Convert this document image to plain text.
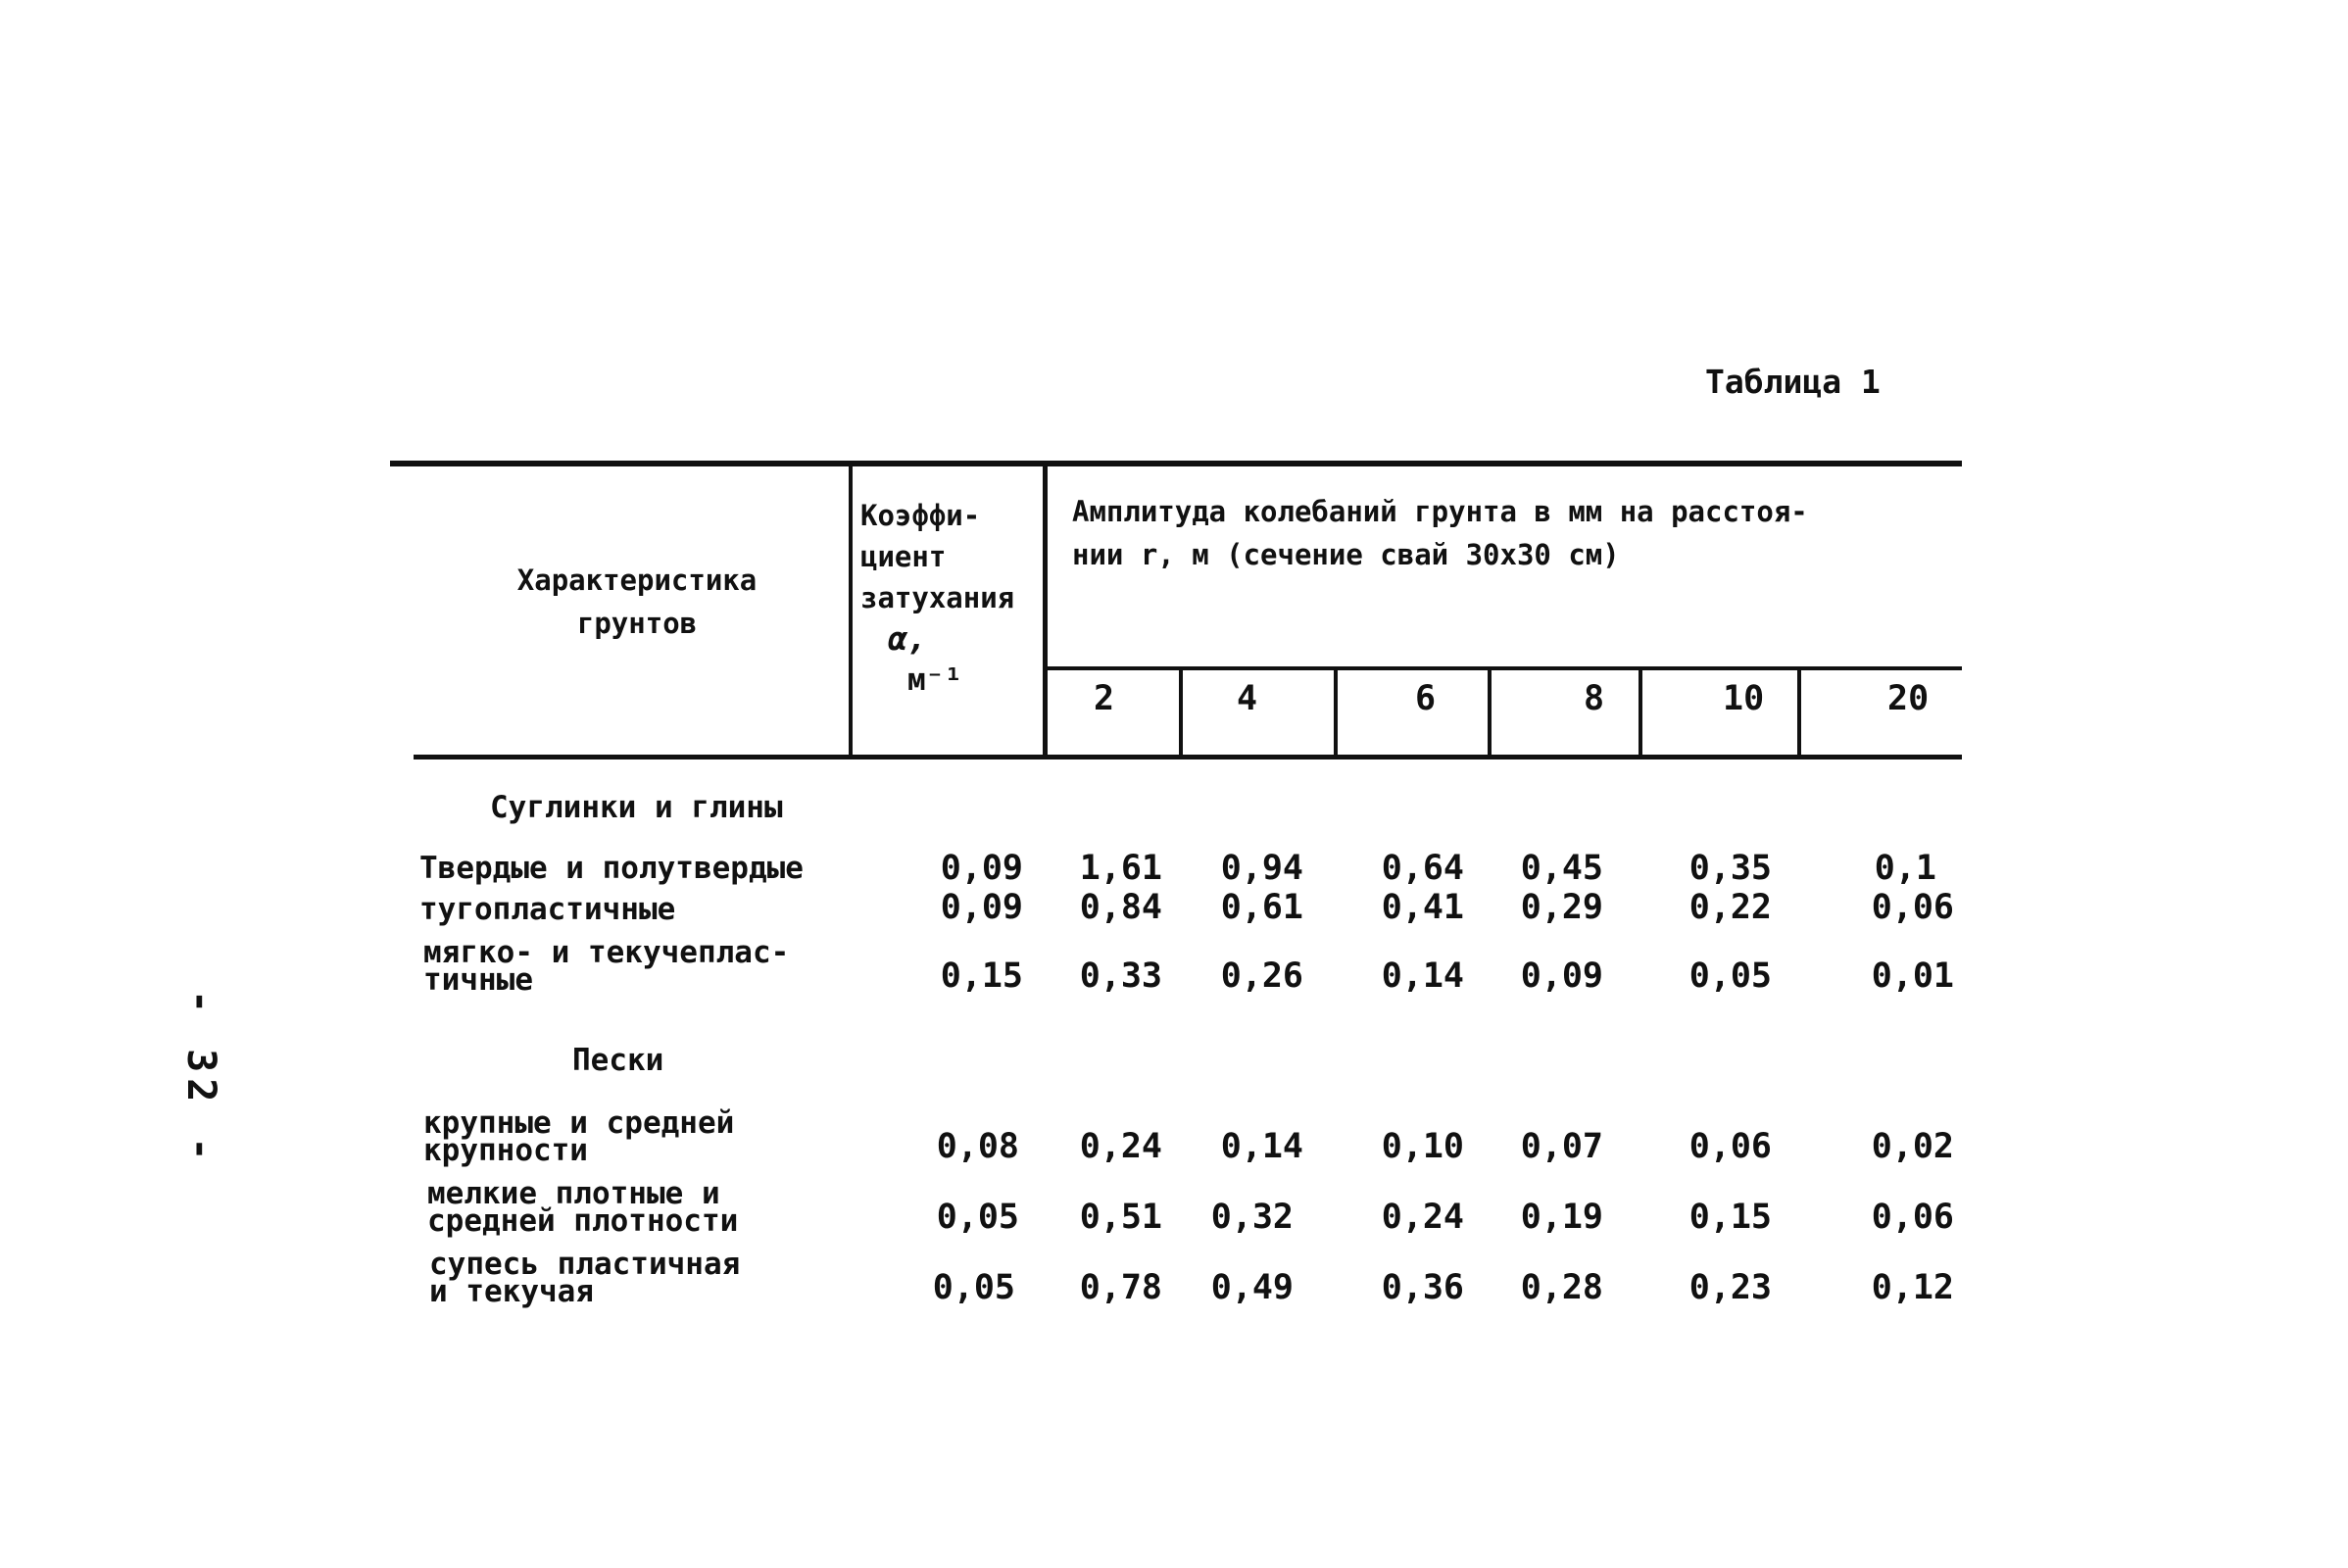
Таблица 1
- 32 -
Характеристика
грунтов
Коэффи-
циент
затухания
α,
м⁻¹
Амплитуда колебаний грунта в мм на расстоя-
нии r, м (сечение свай 30х30 см)
2	4	6	8	10	20
Суглинки и глины
Твердые и полутвердые	0,09	1,61	0,94	0,64	0,45	0,35	0,1
тугопластичные	0,09	0,84	0,61	0,41	0,29	0,22	0,06
мягко- и текучеплас-
тичные	0,15	0,33	0,26	0,14	0,09	0,05	0,01
Пески
крупные и средней
крупности	0,08	0,24	0,14	0,10	0,07	0,06	0,02
мелкие плотные и
средней плотности	0,05	0,51	0,32	0,24	0,19	0,15	0,06
супесь пластичная
и текучая	0,05	0,78	0,49	0,36	0,28	0,23	0,12
